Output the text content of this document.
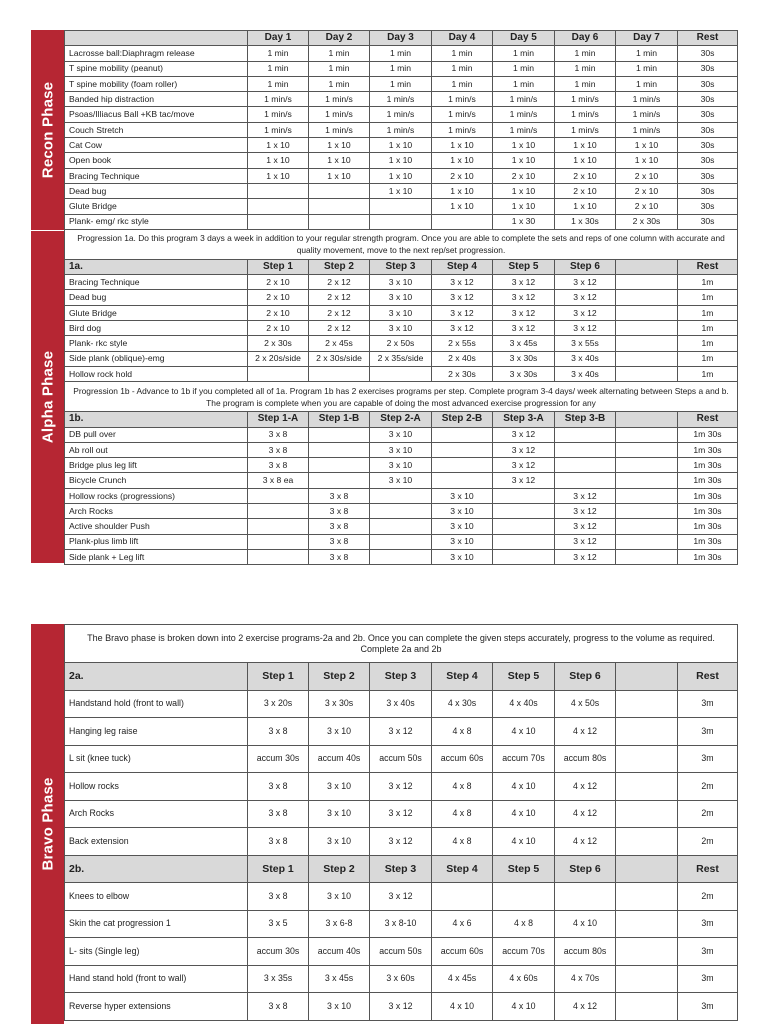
Recon Phase
Alpha Phase
	Day 1	Day 2	Day 3	Day 4	Day 5	Day 6	Day 7	Rest
Lacrosse ball:Diaphragm release	1 min	1 min	1 min	1 min	1 min	1 min	1 min	30s
T spine mobility (peanut)	1 min	1 min	1 min	1 min	1 min	1 min	1 min	30s
T spine mobility (foam roller)	1 min	1 min	1 min	1 min	1 min	1 min	1 min	30s
Banded hip distraction	1 min/s	1 min/s	1 min/s	1 min/s	1 min/s	1 min/s	1 min/s	30s
Psoas/Illiacus Ball +KB tac/move	1 min/s	1 min/s	1 min/s	1 min/s	1 min/s	1 min/s	1 min/s	30s
Couch Stretch	1 min/s	1 min/s	1 min/s	1 min/s	1 min/s	1 min/s	1 min/s	30s
Cat Cow	1 x 10	1 x 10	1 x 10	1 x 10	1 x 10	1 x 10	1 x 10	30s
Open book	1 x 10	1 x 10	1 x 10	1 x 10	1 x 10	1 x 10	1 x 10	30s
Bracing Technique	1 x 10	1 x 10	1 x 10	2 x 10	2 x 10	2 x 10	2 x 10	30s
Dead bug			1 x 10	1 x 10	1 x 10	2 x 10	2 x 10	30s
Glute Bridge				1 x 10	1 x 10	1 x 10	2 x 10	30s
Plank- emg/ rkc style					1 x 30	1 x 30s	2 x 30s	30s
Progression 1a. Do this program 3 days a week in addition to your regular strength program. Once you are able to complete the sets and reps of one column with accurate and quality movement, move to the next rep/set progression.								
1a.	Step 1	Step 2	Step 3	Step 4	Step 5	Step 6		Rest
Bracing Technique	2 x 10	2 x 12	3 x 10	3 x 12	3 x 12	3 x 12		1m
Dead bug	2 x 10	2 x 12	3 x 10	3 x 12	3 x 12	3 x 12		1m
Glute Bridge	2 x 10	2 x 12	3 x 10	3 x 12	3 x 12	3 x 12		1m
Bird dog	2 x 10	2 x 12	3 x 10	3 x 12	3 x 12	3 x 12		1m
Plank- rkc style	2 x 30s	2 x 45s	2 x 50s	2 x 55s	3 x 45s	3 x 55s		1m
Side plank (oblique)-emg	2 x 20s/side	2 x 30s/side	2 x 35s/side	2 x 40s	3 x 30s	3 x 40s		1m
Hollow rock hold				2 x 30s	3 x 30s	3 x 40s		1m
Progression 1b - Advance to 1b if you completed all of 1a. Program 1b has 2 exercises programs per step. Complete program 3-4 days/ week alternating between Steps a and b. The program is complete when you are capable of doing the most advanced exercise progression for any								
1b.	Step 1-A	Step 1-B	Step 2-A	Step 2-B	Step 3-A	Step 3-B		Rest
DB pull over	3 x 8		3 x 10		3 x 12			1m 30s
Ab roll out	3 x 8		3 x 10		3 x 12			1m 30s
Bridge plus leg lift	3 x 8		3 x 10		3 x 12			1m 30s
Bicycle Crunch	3 x 8 ea		3 x 10		3 x 12			1m 30s
Hollow rocks (progressions)		3 x 8		3 x 10		3 x 12		1m 30s
Arch Rocks		3 x 8		3 x 10		3 x 12		1m 30s
Active shoulder Push		3 x 8		3 x 10		3 x 12		1m 30s
Plank-plus limb lift		3 x 8		3 x 10		3 x 12		1m 30s
Side plank + Leg lift		3 x 8		3 x 10		3 x 12		1m 30s
Bravo Phase
The Bravo phase is broken down into 2 exercise programs-2a and 2b. Once you can complete the given steps accurately, progress to the volume as required. Complete 2a and 2b								
2a.	Step 1	Step 2	Step 3	Step 4	Step 5	Step 6		Rest
Handstand hold (front to wall)	3 x 20s	3 x 30s	3 x 40s	4 x 30s	4 x 40s	4 x 50s		3m
Hanging leg raise	3 x 8	3 x 10	3 x 12	4 x 8	4 x 10	4 x 12		3m
L sit (knee tuck)	accum 30s	accum 40s	accum 50s	accum 60s	accum 70s	accum 80s		3m
Hollow rocks	3 x 8	3 x 10	3 x 12	4 x 8	4 x 10	4 x 12		2m
Arch Rocks	3 x 8	3 x 10	3 x 12	4 x 8	4 x 10	4 x 12		2m
Back extension	3 x 8	3 x 10	3 x 12	4 x 8	4 x 10	4 x 12		2m
2b.	Step 1	Step 2	Step 3	Step 4	Step 5	Step 6		Rest
Knees to elbow	3 x 8	3 x 10	3 x 12					2m
Skin the cat progression 1	3 x 5	3 x 6-8	3 x 8-10	4 x 6	4 x 8	4 x 10		3m
L- sits (Single leg)	accum 30s	accum 40s	accum 50s	accum 60s	accum 70s	accum 80s		3m
Hand stand hold (front to wall)	3 x 35s	3 x 45s	3 x 60s	4 x 45s	4 x 60s	4 x 70s		3m
Reverse hyper extensions	3 x 8	3 x 10	3 x 12	4 x 10	4 x 10	4 x 12		3m
